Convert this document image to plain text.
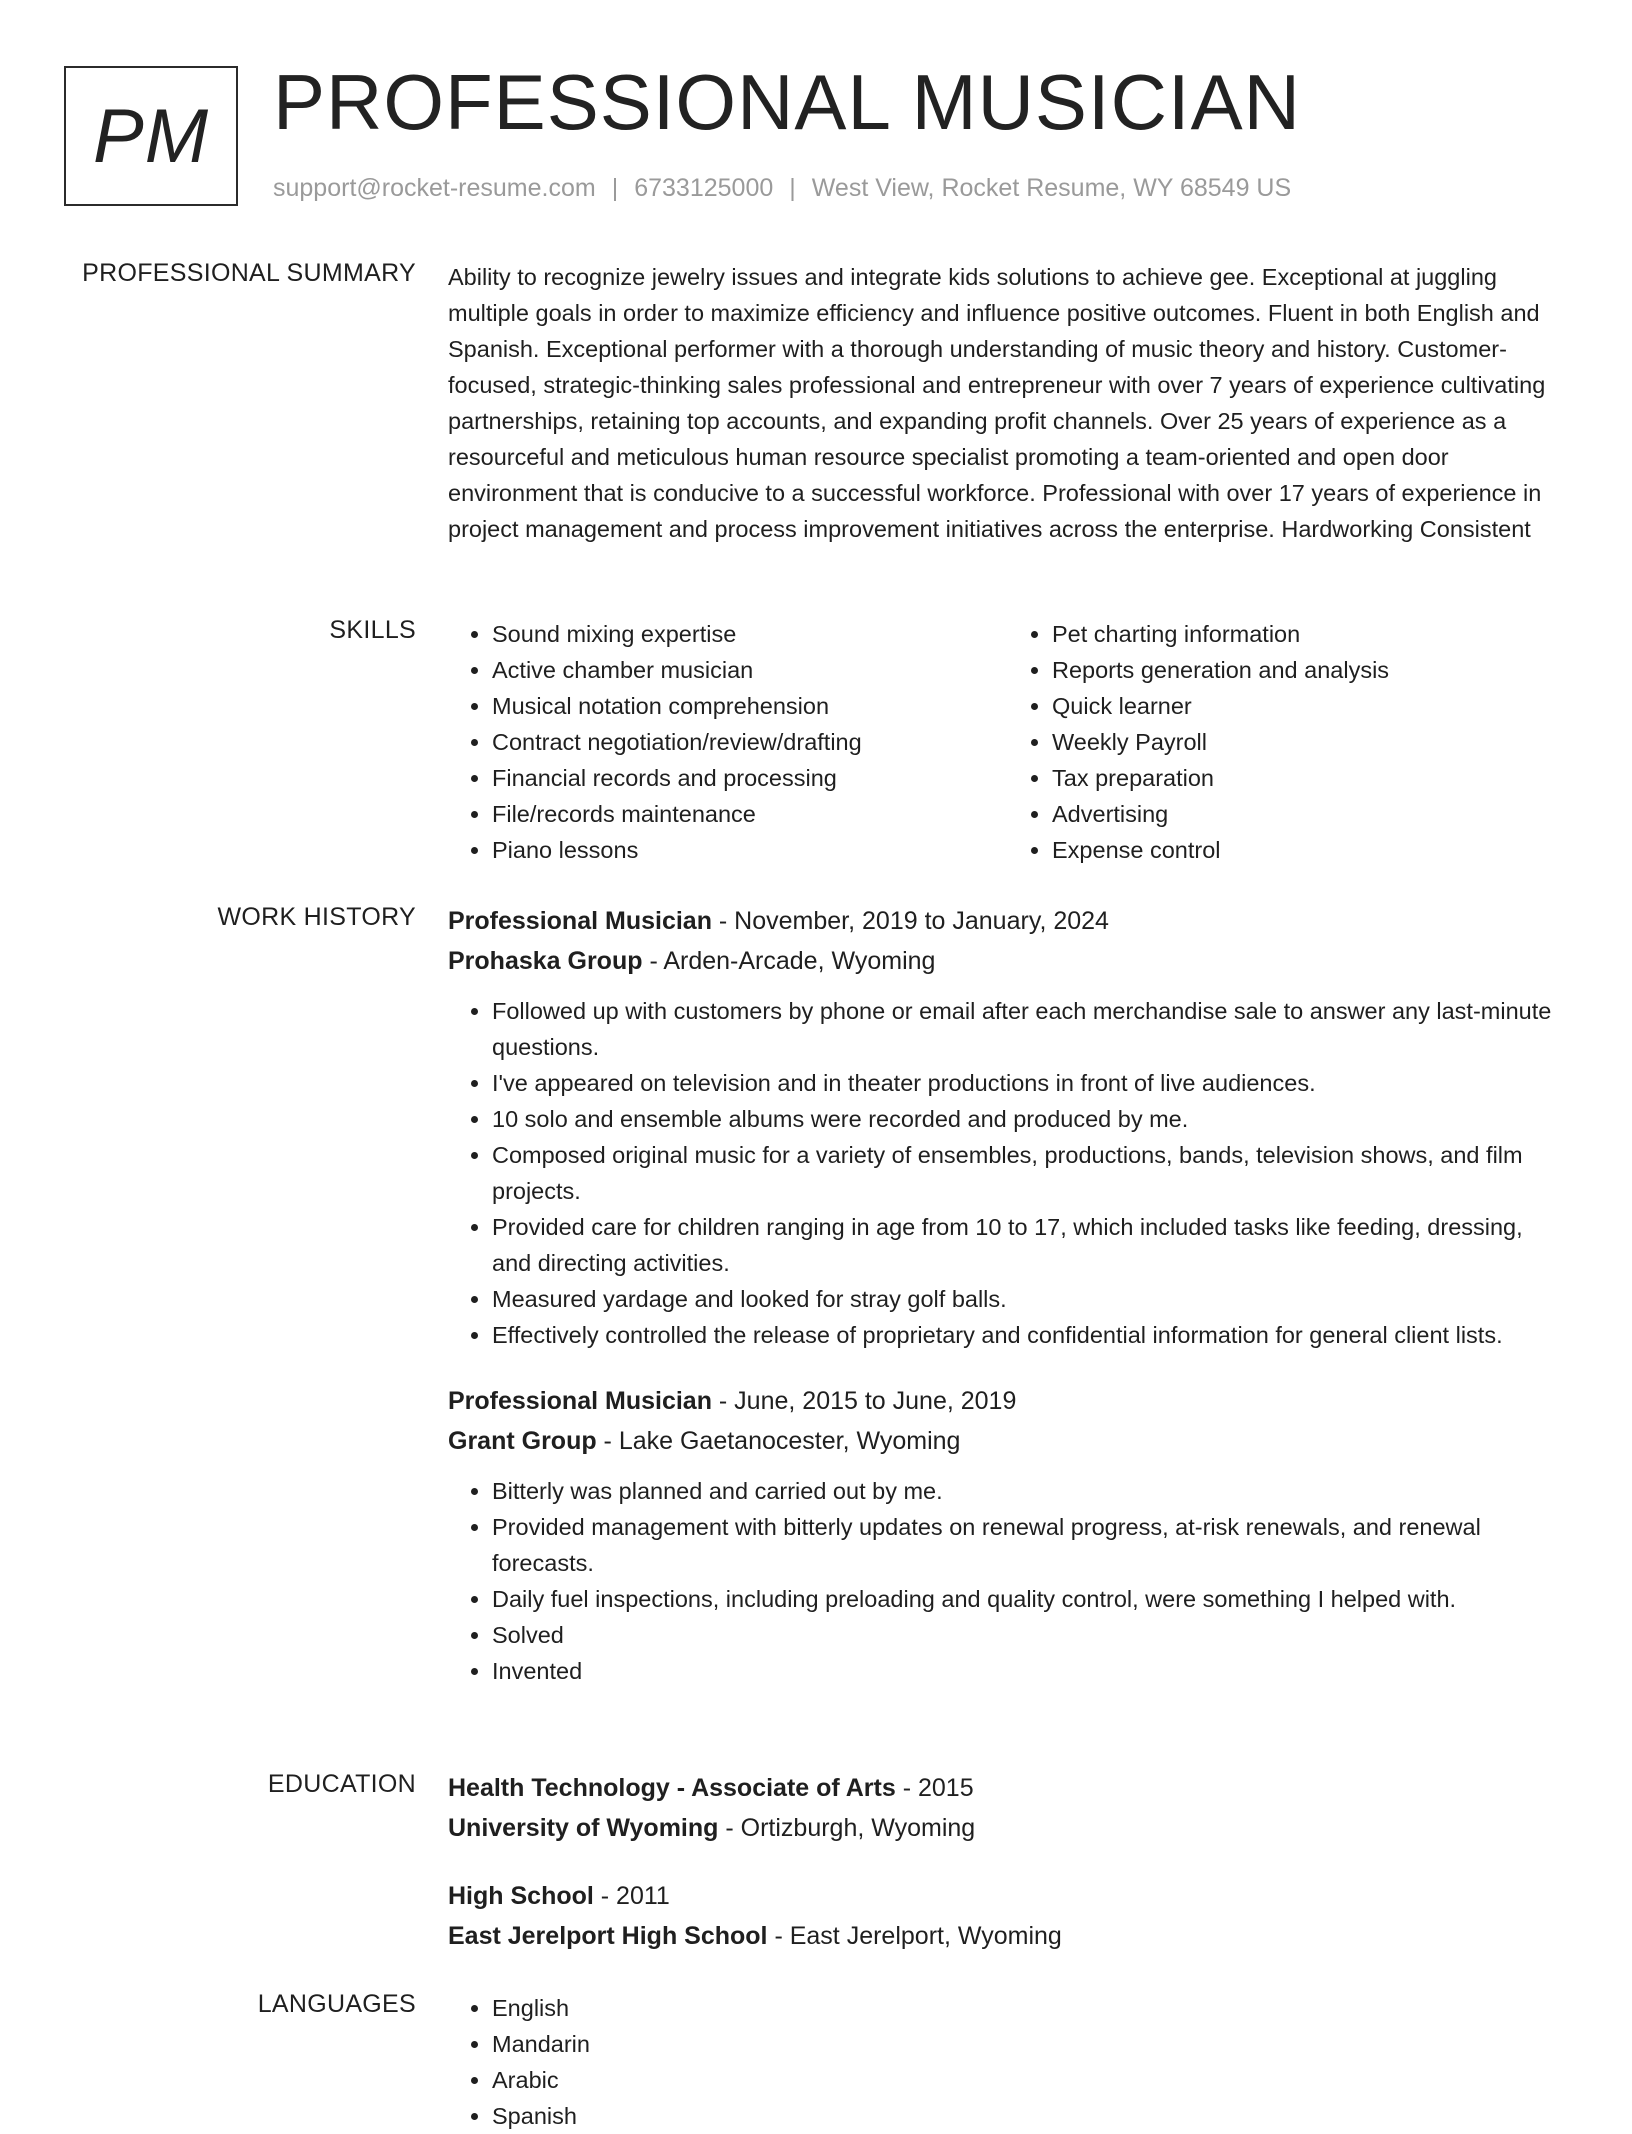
PM PROFESSIONAL MUSICIAN
support@rocket-resume.com | 6733125000 | West View, Rocket Resume, WY 68549 US
PROFESSIONAL SUMMARY Ability to recognize jewelry issues and integrate kids solutions to achieve gee. Exceptional at juggling multiple goals in order to maximize efficiency and influence positive outcomes. Fluent in both English and Spanish. Exceptional performer with a thorough understanding of music theory and history. Customer-focused, strategic-thinking sales professional and entrepreneur with over 7 years of experience cultivating partnerships, retaining top accounts, and expanding profit channels. Over 25 years of experience as a resourceful and meticulous human resource specialist promoting a team-oriented and open door environment that is conducive to a successful workforce. Professional with over 17 years of experience in project management and process improvement initiatives across the enterprise. Hardworking Consistent

SKILLS	• Sound mixing expertise
• Active chamber musician
• Musical notation comprehension
• Contract negotiation/review/drafting
• Financial records and processing
• File/records maintenance
• Piano lessons
• Pet charting information
• Reports generation and analysis
• Quick learner
• Weekly Payroll
• Tax preparation
• Advertising
• Expense control
WORK HISTORY Professional Musician - November, 2019 to January, 2024
Prohaska Group - Arden-Arcade, Wyoming
• Followed up with customers by phone or email after each merchandise sale to answer any last-minute questions.
• I've appeared on television and in theater productions in front of live audiences.
• 10 solo and ensemble albums were recorded and produced by me.
• Composed original music for a variety of ensembles, productions, bands, television shows, and film projects.
• Provided care for children ranging in age from 10 to 17, which included tasks like feeding, dressing, and directing activities.
• Measured yardage and looked for stray golf balls.
• Effectively controlled the release of proprietary and confidential information for general client lists.
Professional Musician - June, 2015 to June, 2019
Grant Group - Lake Gaetanocester, Wyoming
• Bitterly was planned and carried out by me.
• Provided management with bitterly updates on renewal progress, at-risk renewals, and renewal forecasts.
• Daily fuel inspections, including preloading and quality control, were something I helped with.
• Solved
• Invented
EDUCATION Health Technology - Associate of Arts - 2015
University of Wyoming - Ortizburgh, Wyoming
High School - 2011
East Jerelport High School - East Jerelport, Wyoming
LANGUAGES	• English
• Mandarin
• Arabic
• Spanish
